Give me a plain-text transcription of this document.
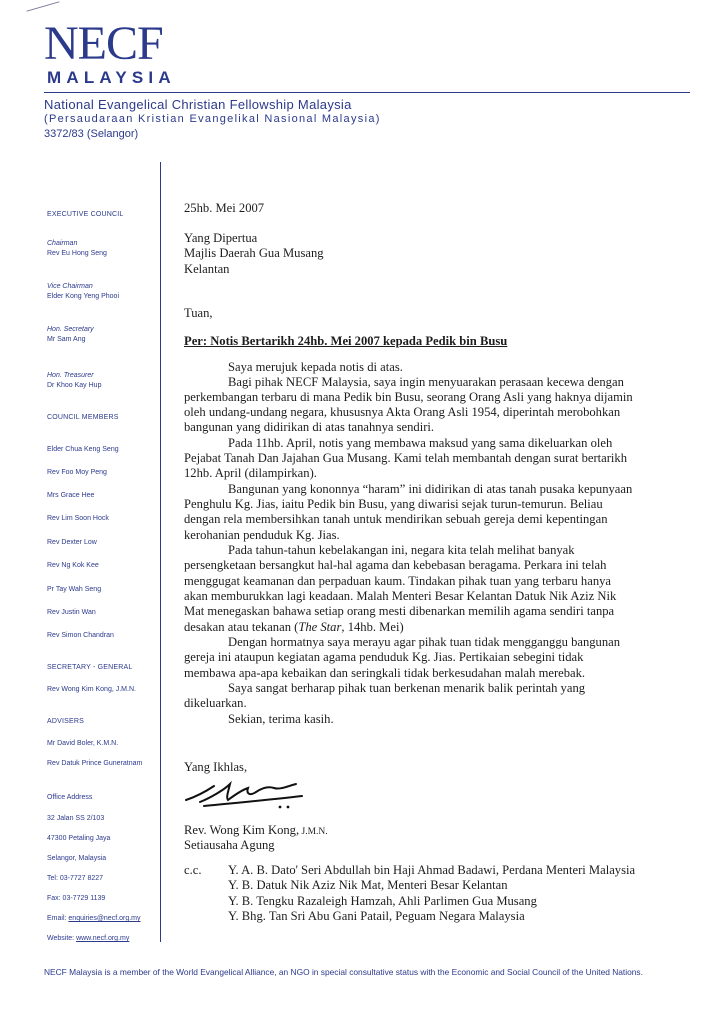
NECF
MALAYSIA
National Evangelical Christian Fellowship Malaysia
(Persaudaraan Kristian Evangelikal Nasional Malaysia)
3372/83 (Selangor)
EXECUTIVE COUNCIL
Chairman
Rev Eu Hong Seng
Vice Chairman
Elder Kong Yeng Phooi
Hon. Secretary
Mr Sam Ang
Hon. Treasurer
Dr Khoo Kay Hup
COUNCIL MEMBERS
Elder Chua Keng Seng
Rev Foo Moy Peng
Mrs Grace Hee
Rev Lim Soon Hock
Rev Dexter Low
Rev Ng Kok Kee
Pr Tay Wah Seng
Rev Justin Wan
Rev Simon Chandran
SECRETARY - GENERAL
Rev Wong Kim Kong, J.M.N.
ADVISERS
Mr David Boler, K.M.N.
Rev Datuk Prince Guneratnam
Office Address
32 Jalan SS 2/103
47300 Petaling Jaya
Selangor, Malaysia
Tel: 03-7727 8227
Fax: 03-7729 1139
Email: enquiries@necf.org.my
Website: www.necf.org.my
25hb. Mei 2007
Yang Dipertua
Majlis Daerah Gua Musang
Kelantan
Tuan,
Per: Notis Bertarikh 24hb. Mei 2007 kepada Pedik bin Busu
Saya merujuk kepada notis di atas.
Bagi pihak NECF Malaysia, saya ingin menyuarakan perasaan kecewa dengan
perkembangan terbaru di mana Pedik bin Busu, seorang Orang Asli yang haknya dijamin
oleh undang-undang negara, khususnya Akta Orang Asli 1954, diperintah merobohkan
bangunan yang didirikan di atas tanahnya sendiri.
Pada 11hb. April, notis yang membawa maksud yang sama dikeluarkan oleh
Pejabat Tanah Dan Jajahan Gua Musang. Kami telah membantah dengan surat bertarikh
12hb. April (dilampirkan).
Bangunan yang kononnya “haram” ini didirikan di atas tanah pusaka kepunyaan
Penghulu Kg. Jias, iaitu Pedik bin Busu, yang diwarisi sejak turun-temurun. Beliau
dengan rela membersihkan tanah untuk mendirikan sebuah gereja demi kepentingan
kerohanian penduduk Kg. Jias.
Pada tahun-tahun kebelakangan ini, negara kita telah melihat banyak
persengketaan bersangkut hal-hal agama dan kebebasan beragama. Perkara ini telah
menggugat keamanan dan perpaduan kaum. Tindakan pihak tuan yang terbaru hanya
akan memburukkan lagi keadaan. Malah Menteri Besar Kelantan Datuk Nik Aziz Nik
Mat menegaskan bahawa setiap orang mesti dibenarkan memilih agama sendiri tanpa
desakan atau tekanan (The Star, 14hb. Mei)
Dengan hormatnya saya merayu agar pihak tuan tidak mengganggu bangunan
gereja ini ataupun kegiatan agama penduduk Kg. Jias. Pertikaian sebegini tidak
membawa apa-apa kebaikan dan seringkali tidak berkesudahan malah merebak.
Saya sangat berharap pihak tuan berkenan menarik balik perintah yang
dikeluarkan.
Sekian, terima kasih.
Yang Ikhlas,
Rev. Wong Kim Kong, J.M.N.
Setiausaha Agung
c.c. Y. A. B. Dato' Seri Abdullah bin Haji Ahmad Badawi, Perdana Menteri Malaysia
Y. B. Datuk Nik Aziz Nik Mat, Menteri Besar Kelantan
Y. B. Tengku Razaleigh Hamzah, Ahli Parlimen Gua Musang
Y. Bhg. Tan Sri Abu Gani Patail, Peguam Negara Malaysia
NECF Malaysia is a member of the World Evangelical Alliance, an NGO in special consultative status with the Economic and Social Council of the United Nations.
